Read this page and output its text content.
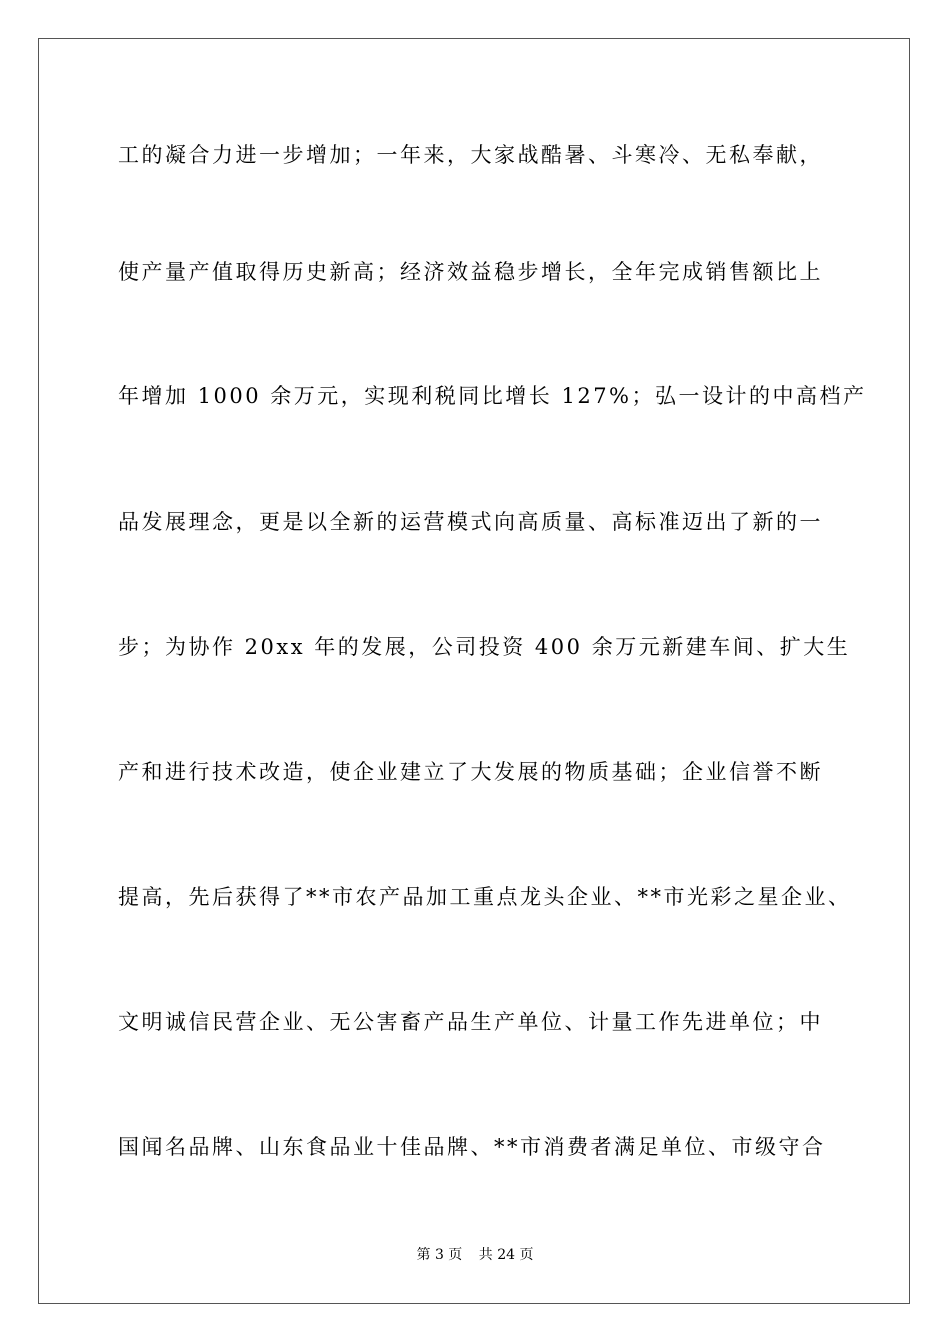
工的凝合力进一步增加；一年来，大家战酷暑、斗寒冷、无私奉献，
使产量产值取得历史新高；经济效益稳步增长，全年完成销售额比上
年增加 1000 余万元，实现利税同比增长 127%；弘一设计的中高档产
品发展理念，更是以全新的运营模式向高质量、高标准迈出了新的一
步；为协作 20xx 年的发展，公司投资 400 余万元新建车间、扩大生
产和进行技术改造，使企业建立了大发展的物质基础；企业信誉不断
提高，先后获得了**市农产品加工重点龙头企业、**市光彩之星企业、
文明诚信民营企业、无公害畜产品生产单位、计量工作先进单位；中
国闻名品牌、山东食品业十佳品牌、**市消费者满足单位、市级守合
第 3 页 共 24 页
